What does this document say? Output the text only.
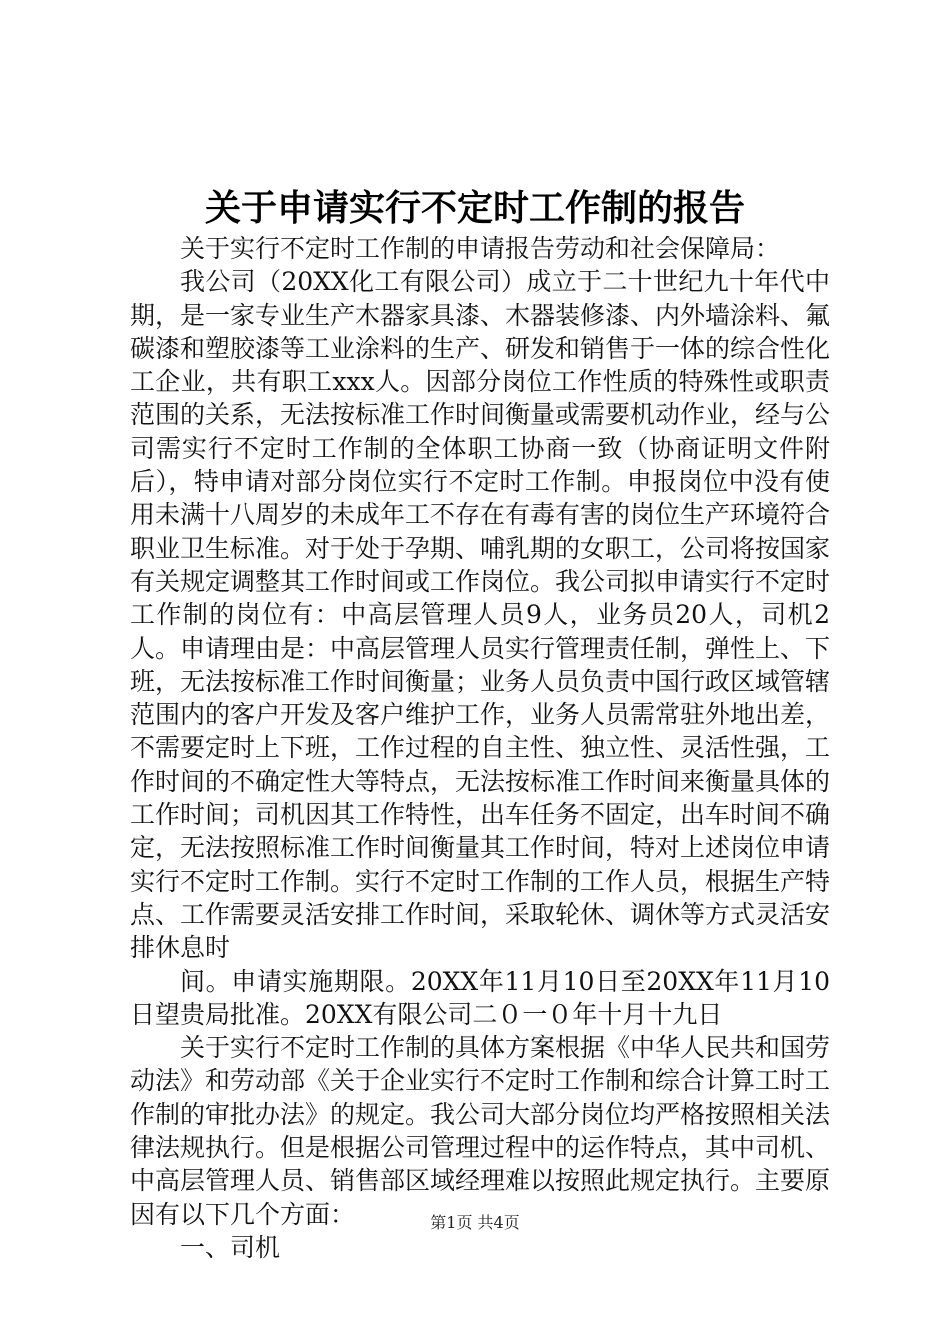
关于申请实行不定时工作制的报告

关于实行不定时工作制的申请报告劳动和社会保障局：

我公司（20XX化工有限公司）成立于二十世纪九十年代中期，是一家专业生产木器家具漆、木器装修漆、内外墙涂料、氟碳漆和塑胶漆等工业涂料的生产、研发和销售于一体的综合性化工企业，共有职工xxx人。因部分岗位工作性质的特殊性或职责范围的关系，无法按标准工作时间衡量或需要机动作业，经与公司需实行不定时工作制的全体职工协商一致（协商证明文件附后），特申请对部分岗位实行不定时工作制。申报岗位中没有使用未满十八周岁的未成年工不存在有毒有害的岗位生产环境符合职业卫生标准。对于处于孕期、哺乳期的女职工，公司将按国家有关规定调整其工作时间或工作岗位。我公司拟申请实行不定时工作制的岗位有：中高层管理人员9人，业务员20人，司机2人。申请理由是：中高层管理人员实行管理责任制，弹性上、下班，无法按标准工作时间衡量；业务人员负责中国行政区域管辖范围内的客户开发及客户维护工作，业务人员需常驻外地出差，不需要定时上下班，工作过程的自主性、独立性、灵活性强，工作时间的不确定性大等特点，无法按标准工作时间来衡量具体的工作时间；司机因其工作特性，出车任务不固定，出车时间不确定，无法按照标准工作时间衡量其工作时间，特对上述岗位申请实行不定时工作制。实行不定时工作制的工作人员，根据生产特点、工作需要灵活安排工作时间，采取轮休、调休等方式灵活安排休息时

间。申请实施期限。20XX年11月10日至20XX年11月10日望贵局批准。20XX有限公司二０一０年十月十九日

关于实行不定时工作制的具体方案根据《中华人民共和国劳动法》和劳动部《关于企业实行不定时工作制和综合计算工时工作制的审批办法》的规定。我公司大部分岗位均严格按照相关法律法规执行。但是根据公司管理过程中的运作特点，其中司机、中高层管理人员、销售部区域经理难以按照此规定执行。主要原因有以下几个方面：

一、司机

第1页 共4页
